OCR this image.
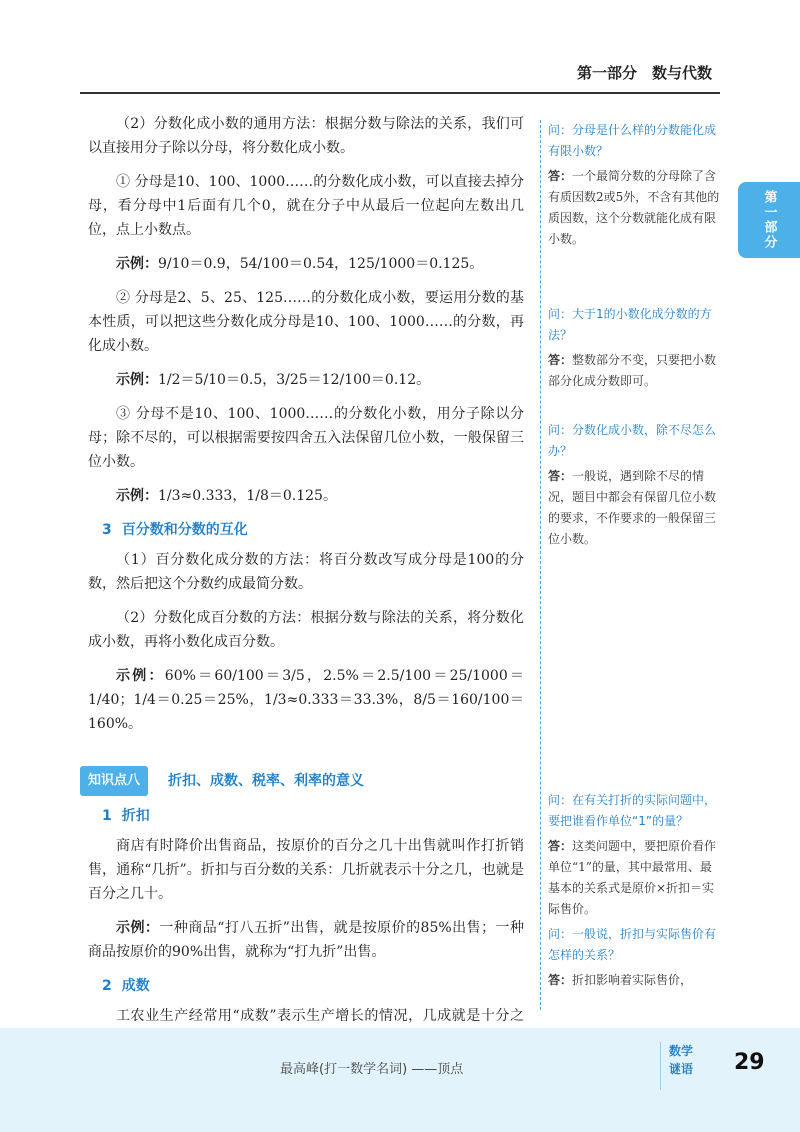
第一部分　数与代数
第一部分

（2）分数化成小数的通用方法：根据分数与除法的关系，我们可以直接用分子除以分母，将分数化成小数。

① 分母是10、100、1000……的分数化成小数，可以直接去掉分母，看分母中1后面有几个0，就在分子中从最后一位起向左数出几位，点上小数点。

示例：9/10＝0.9，54/100＝0.54，125/1000＝0.125。

② 分母是2、5、25、125……的分数化成小数，要运用分数的基本性质，可以把这些分数化成分母是10、100、1000……的分数，再化成小数。

示例：1/2＝5/10＝0.5，3/25＝12/100＝0.12。

③ 分母不是10、100、1000……的分数化小数，用分子除以分母；除不尽的，可以根据需要按四舍五入法保留几位小数，一般保留三位小数。

示例：1/3≈0.333，1/8＝0.125。

3 百分数和分数的互化

（1）百分数化成分数的方法：将百分数改写成分母是100的分数，然后把这个分数约成最简分数。

（2）分数化成百分数的方法：根据分数与除法的关系，将分数化成小数，再将小数化成百分数。

示例：60%＝60/100＝3/5，2.5%＝2.5/100＝25/1000＝1/40；1/4＝0.25＝25%，1/3≈0.333＝33.3%，8/5＝160/100＝160%。

知识点八	折扣、成数、税率、利率的意义
1 折扣

商店有时降价出售商品，按原价的百分之几十出售就叫作打折销售，通称“几折”。折扣与百分数的关系：几折就表示十分之几，也就是百分之几十。

示例：一种商品“打八五折”出售，就是按原价的85%出售；一种商品按原价的90%出售，就称为“打九折”出售。

2 成数

工农业生产经常用“成数”表示生产增长的情况，几成就是十分之

问：分母是什么样的分数能化成有限小数？

答：一个最简分数的分母除了含有质因数2或5外，不含有其他的质因数，这个分数就能化成有限小数。

问：大于1的小数化成分数的方法？

答：整数部分不变，只要把小数部分化成分数即可。

问：分数化成小数，除不尽怎么办？

答：一般说，遇到除不尽的情况，题目中都会有保留几位小数的要求，不作要求的一般保留三位小数。

问：在有关打折的实际问题中，要把谁看作单位“1”的量？

答：这类问题中，要把原价看作单位“1”的量，其中最常用、最基本的关系式是原价×折扣＝实际售价。

问：一般说，折扣与实际售价有怎样的关系？

答：折扣影响着实际售价，

最高峰(打一数学名词) ——顶点
数学
谜语	29
